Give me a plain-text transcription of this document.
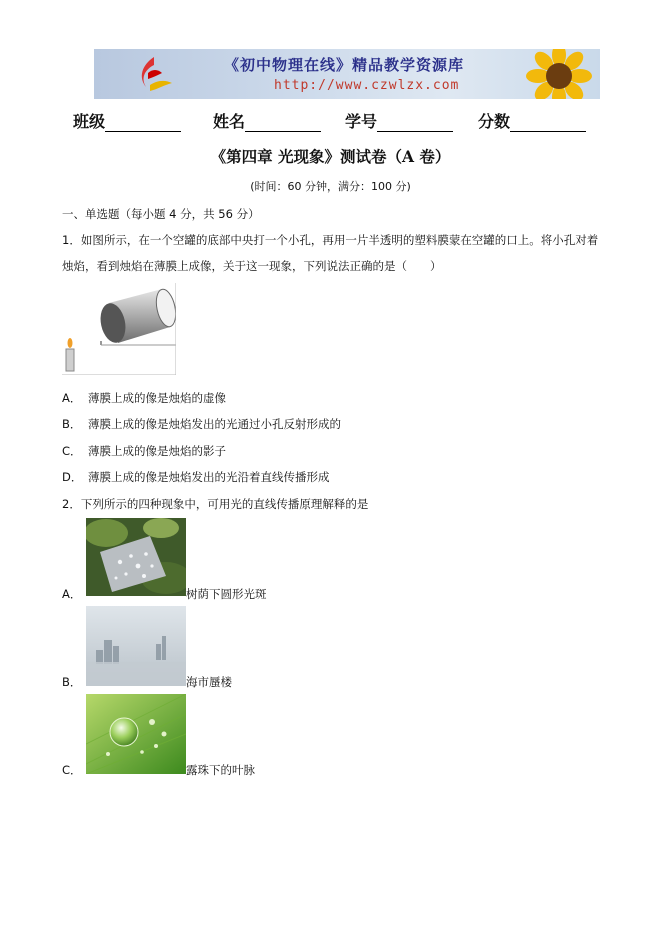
《初中物理在线》精品教学资源库
http://www.czwlzx.com
班级	姓名	学号	分数
《第四章 光现象》测试卷（A 卷）
(时间：60 分钟，满分：100 分)
一、单选题（每小题 4 分，共 56 分）
1．如图所示，在一个空罐的底部中央打一个小孔，再用一片半透明的塑料膜蒙在空罐的口上。将小孔对着
烛焰，看到烛焰在薄膜上成像，关于这一现象，下列说法正确的是（　　）
A． 薄膜上成的像是烛焰的虚像
B． 薄膜上成的像是烛焰发出的光通过小孔反射形成的
C． 薄膜上成的像是烛焰的影子
D． 薄膜上成的像是烛焰发出的光沿着直线传播形成
2．下列所示的四种现象中，可用光的直线传播原理解释的是
A．	树荫下圆形光斑
B．	海市蜃楼
C．	露珠下的叶脉
